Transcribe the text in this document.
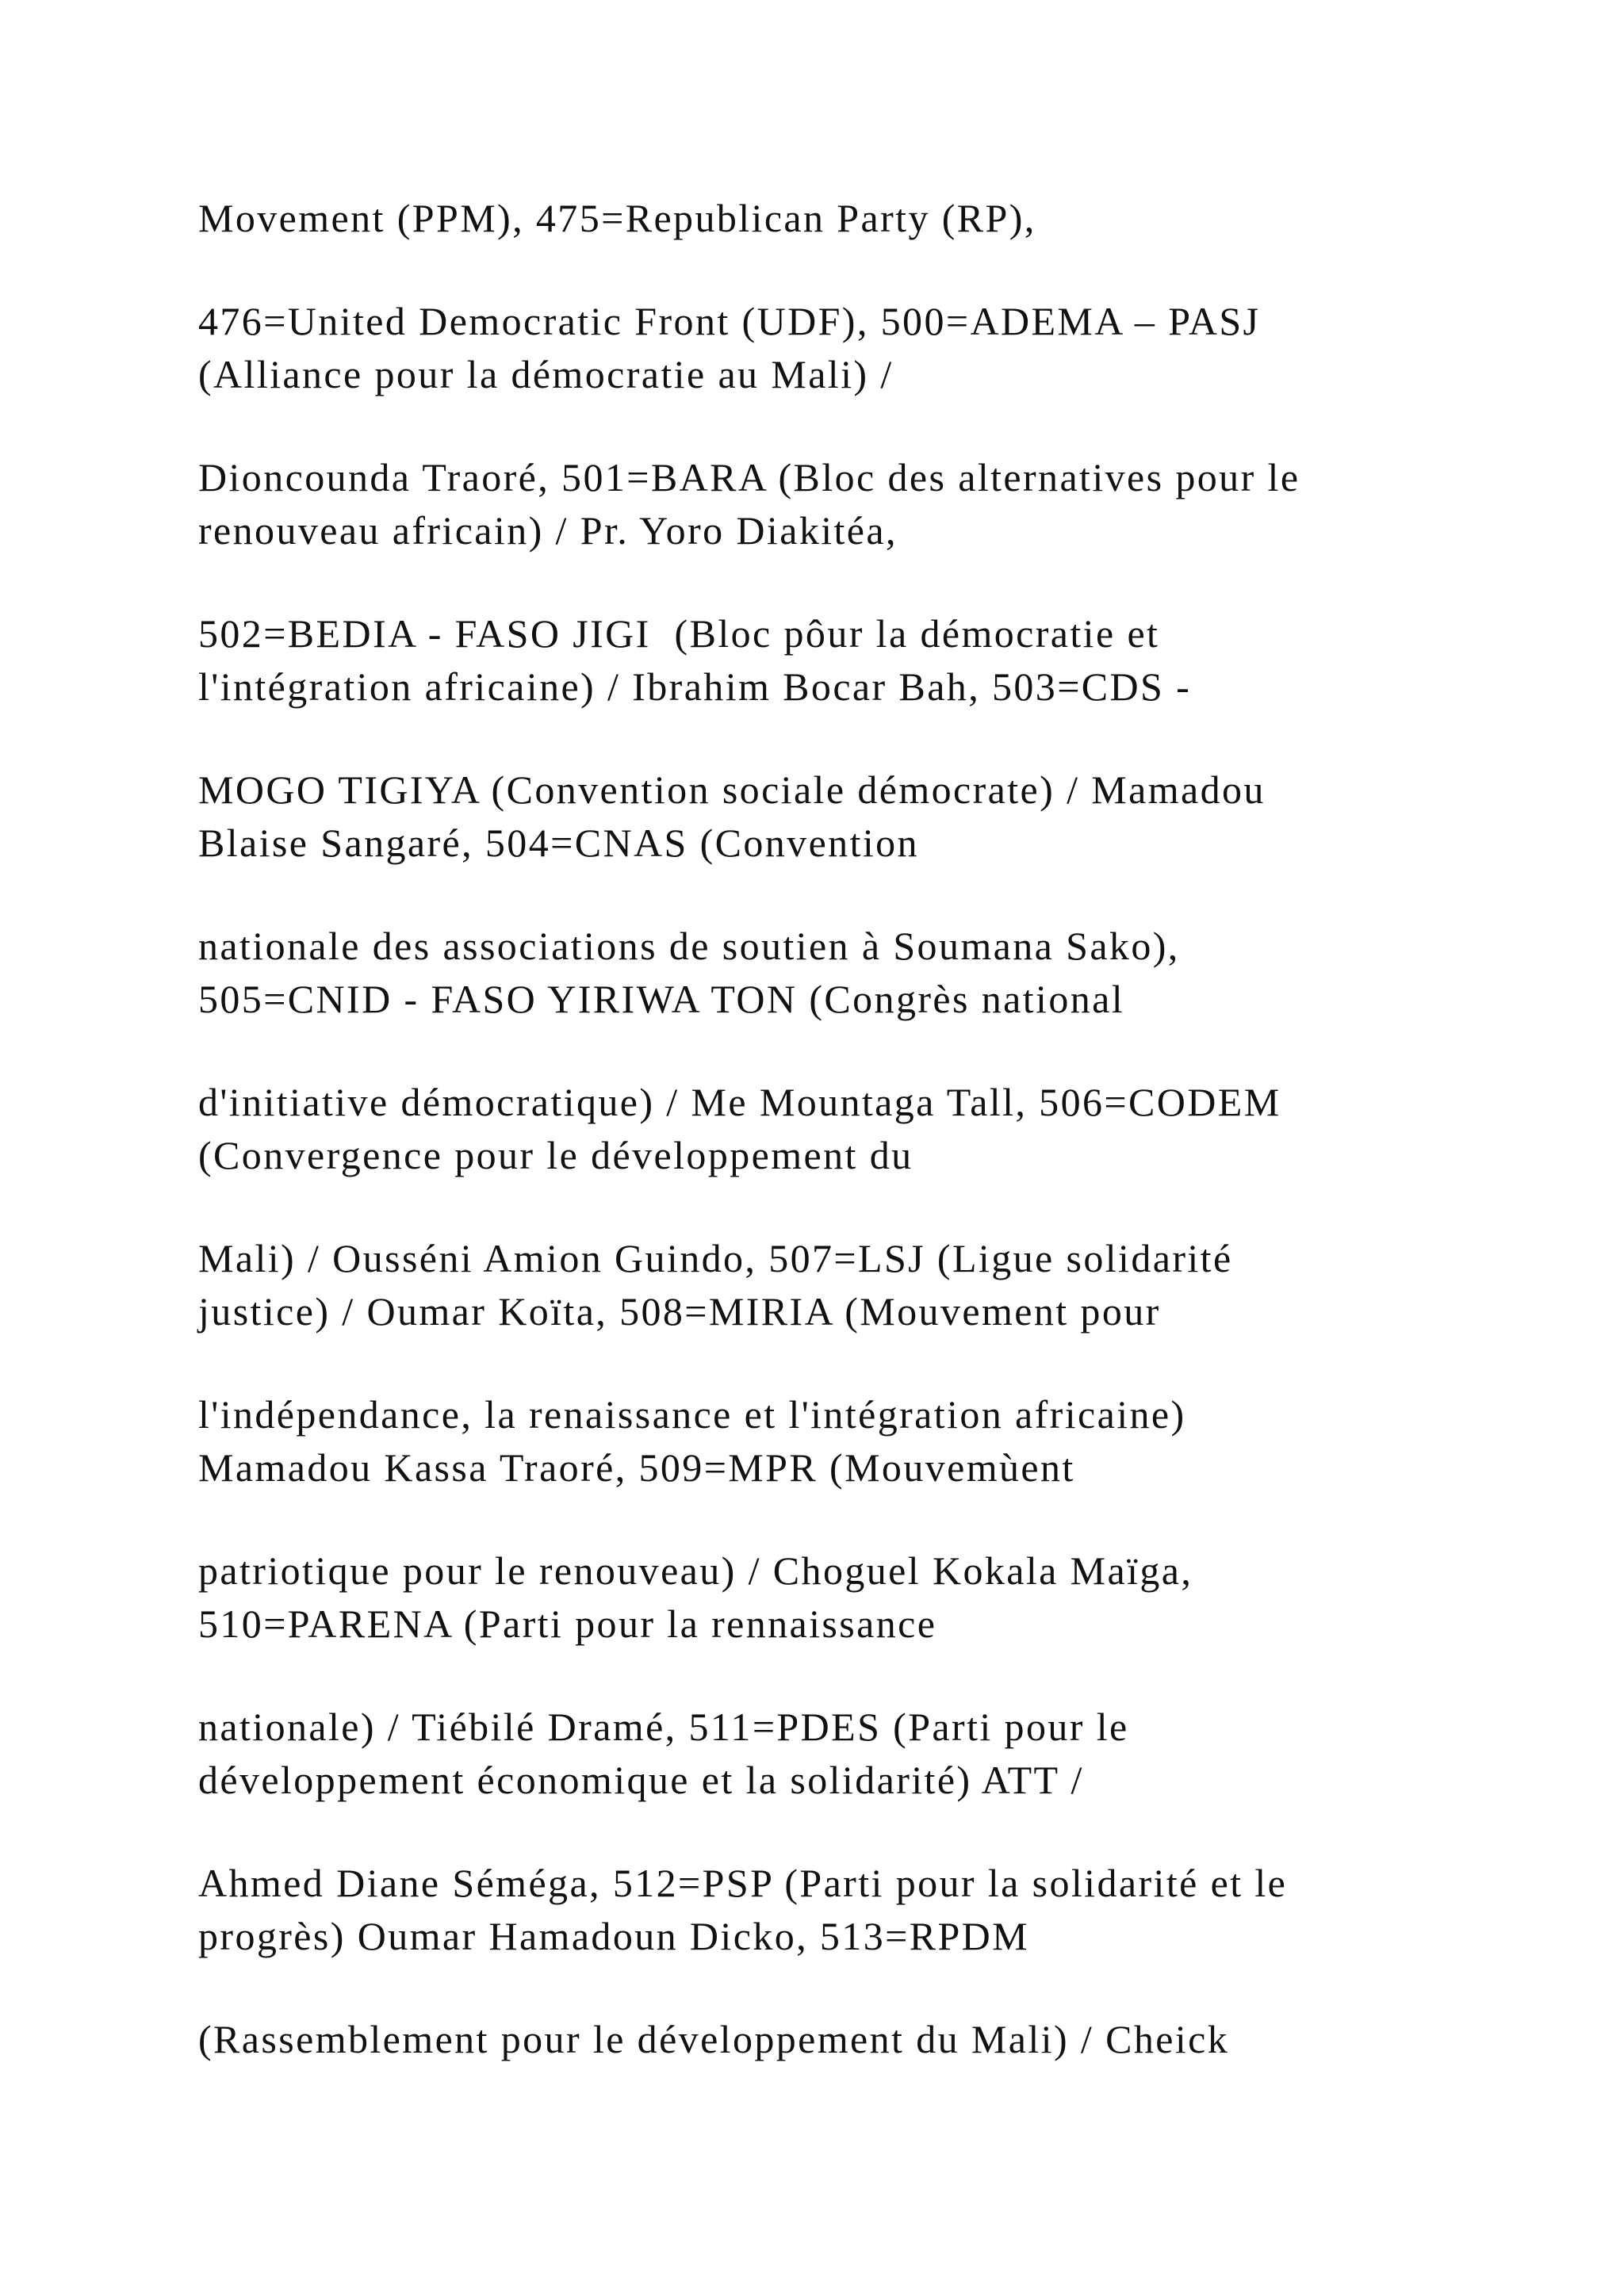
Movement (PPM), 475=Republican Party (RP),

476=United Democratic Front (UDF), 500=ADEMA – PASJ
(Alliance pour la démocratie au Mali) /

Dioncounda Traoré, 501=BARA (Bloc des alternatives pour le
renouveau africain) / Pr. Yoro Diakitéa,

502=BEDIA - FASO JIGI  (Bloc pôur la démocratie et
l'intégration africaine) / Ibrahim Bocar Bah, 503=CDS -

MOGO TIGIYA (Convention sociale démocrate) / Mamadou
Blaise Sangaré, 504=CNAS (Convention

nationale des associations de soutien à Soumana Sako),
505=CNID - FASO YIRIWA TON (Congrès national

d'initiative démocratique) / Me Mountaga Tall, 506=CODEM
(Convergence pour le développement du

Mali) / Ousséni Amion Guindo, 507=LSJ (Ligue solidarité
justice) / Oumar Koïta, 508=MIRIA (Mouvement pour

l'indépendance, la renaissance et l'intégration africaine)
Mamadou Kassa Traoré, 509=MPR (Mouvemùent

patriotique pour le renouveau) / Choguel Kokala Maïga,
510=PARENA (Parti pour la rennaissance

nationale) / Tiébilé Dramé, 511=PDES (Parti pour le
développement économique et la solidarité) ATT /

Ahmed Diane Séméga, 512=PSP (Parti pour la solidarité et le
progrès) Oumar Hamadoun Dicko, 513=RPDM

(Rassemblement pour le développement du Mali) / Cheick
